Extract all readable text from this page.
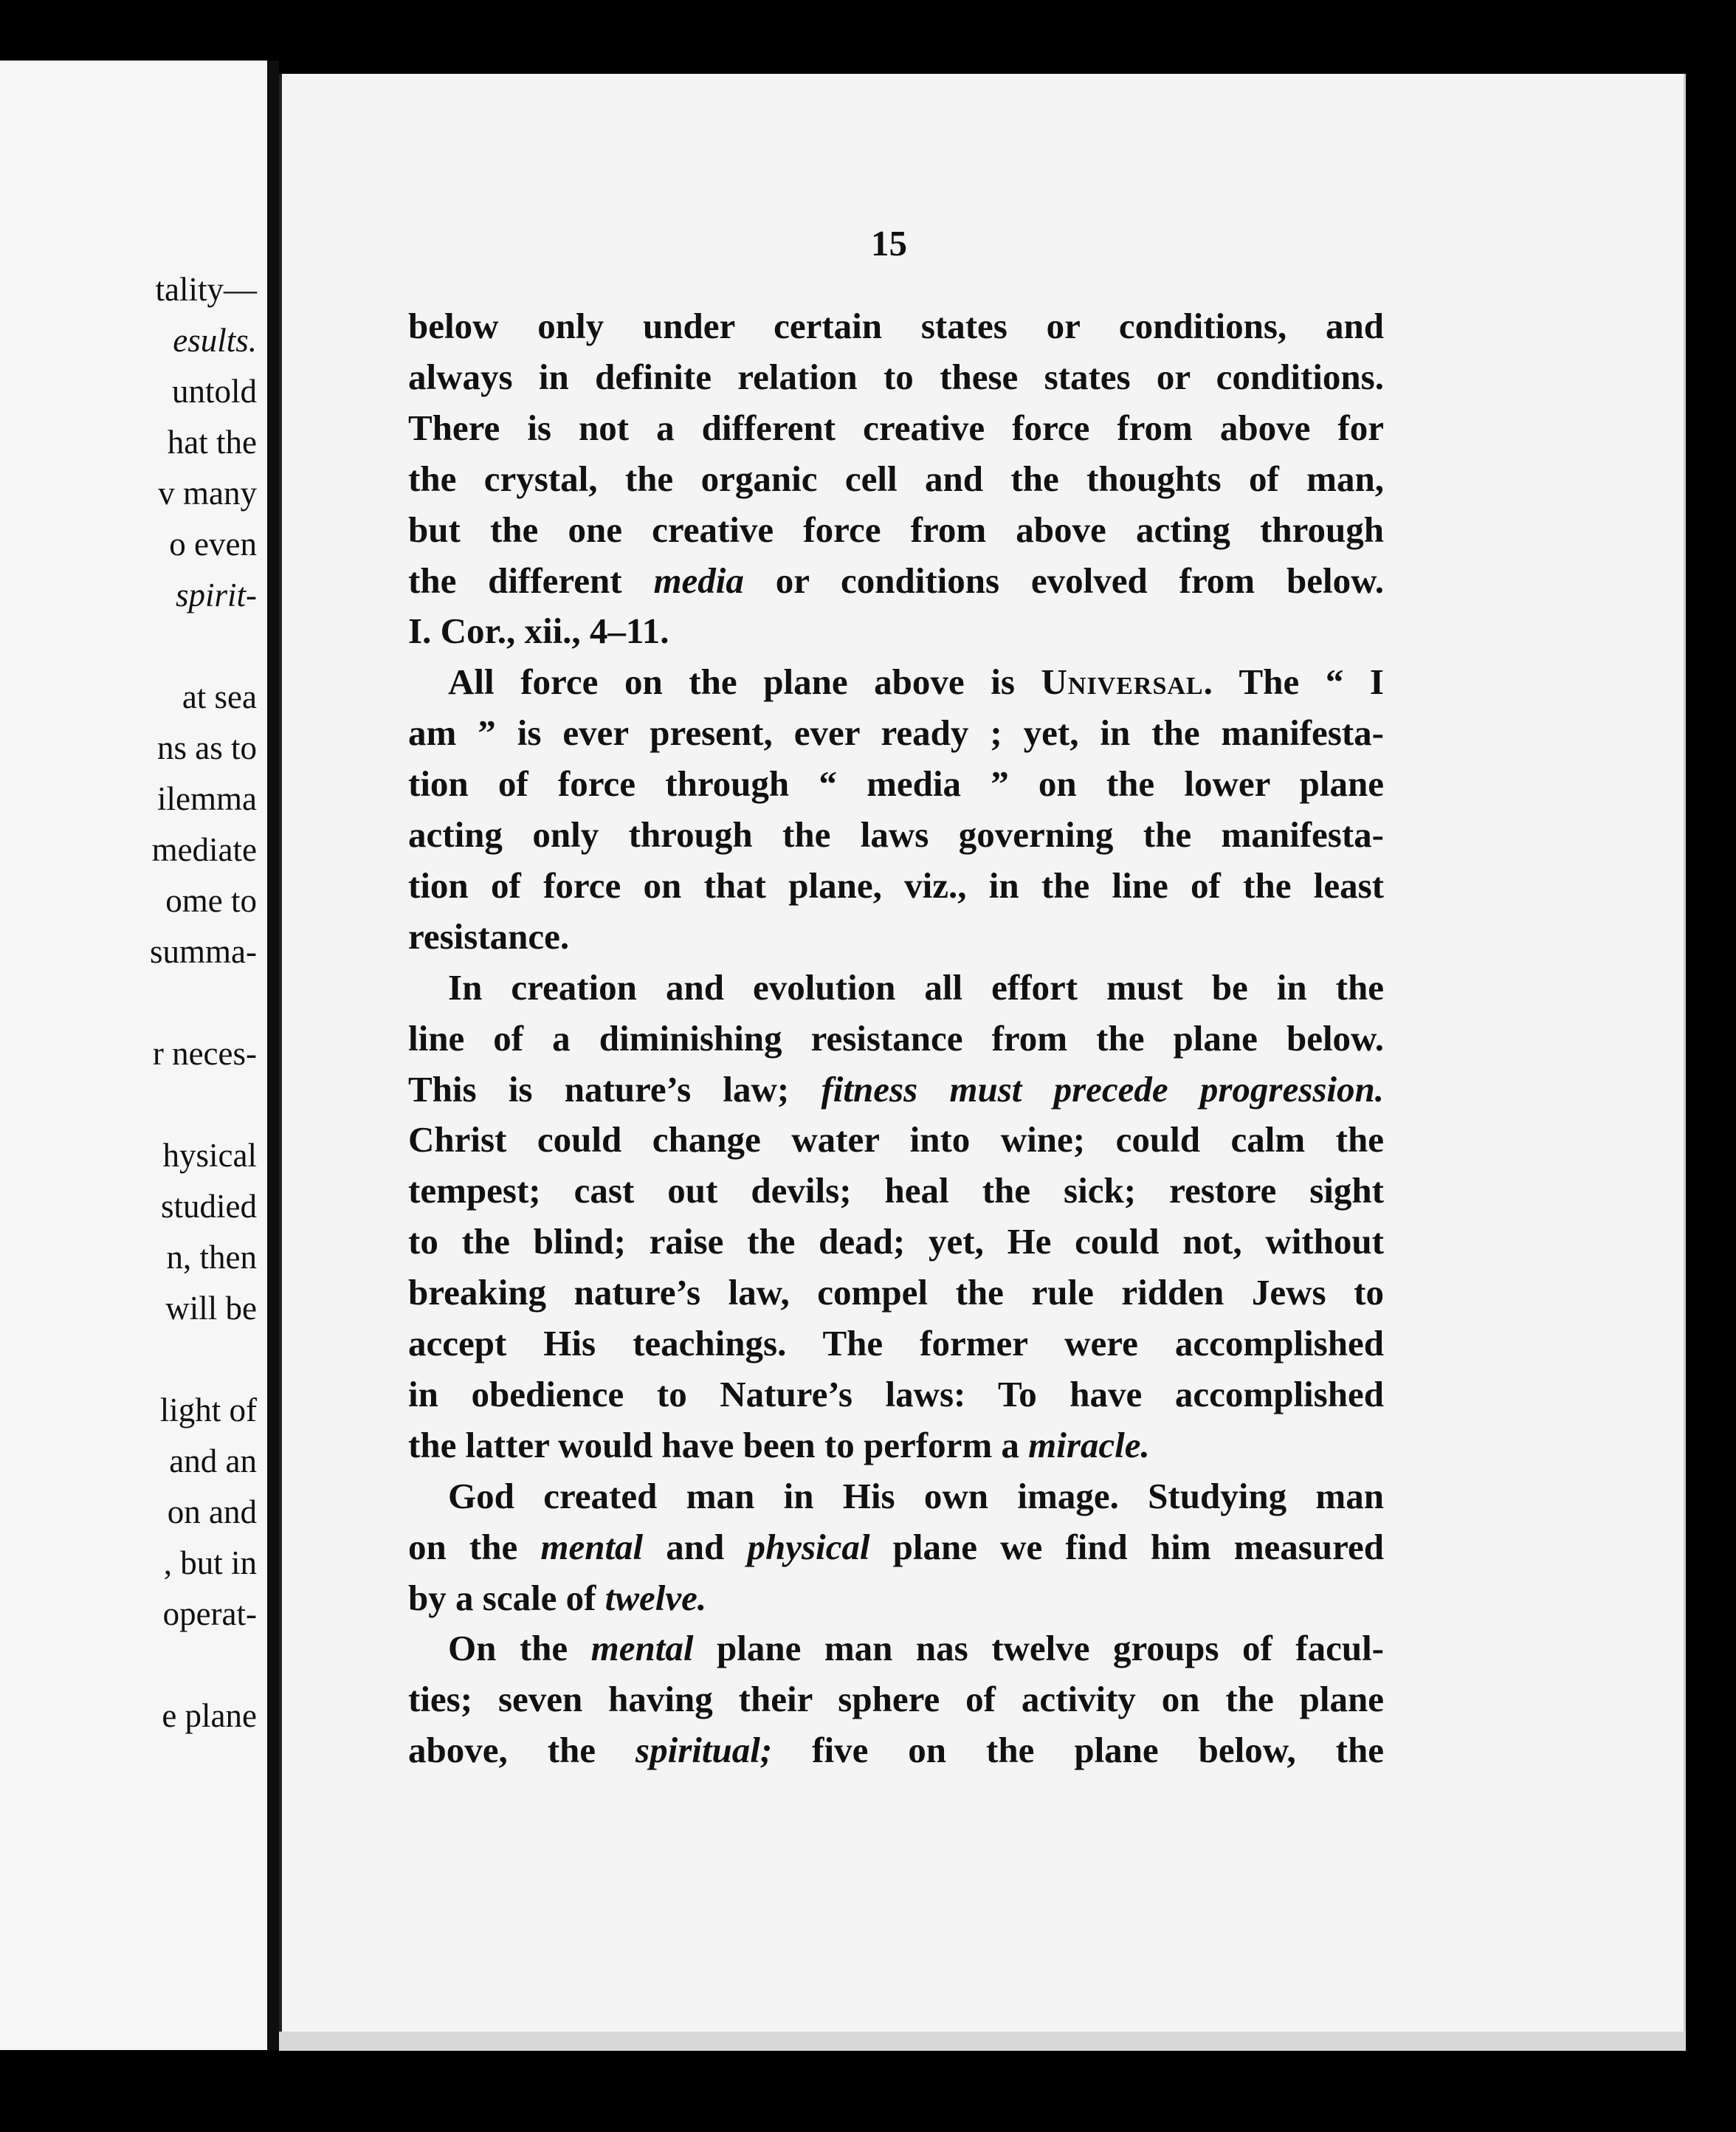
tality—
esults.
untold
hat the
v many
o even
spirit-
at sea
ns as to
ilemma
mediate
ome to
summa-
r neces-
hysical
studied
n, then
will be
light of
and an
on and
, but in
operat-
e plane
15
below only under certain states or conditions, and
always in definite relation to these states or conditions.
There is not a different creative force from above for
the crystal, the organic cell and the thoughts of man,
but the one creative force from above acting through
the different media or conditions evolved from below.
I. Cor., xii., 4–11.
All force on the plane above is Universal. The “ I
am ” is ever present, ever ready ; yet, in the manifesta-
tion of force through “ media ” on the lower plane
acting only through the laws governing the manifesta-
tion of force on that plane, viz., in the line of the least
resistance.
In creation and evolution all effort must be in the
line of a diminishing resistance from the plane below.
This is nature’s law; fitness must precede progression.
Christ could change water into wine; could calm the
tempest; cast out devils; heal the sick; restore sight
to the blind; raise the dead; yet, He could not, without
breaking nature’s law, compel the rule ridden Jews to
accept His teachings. The former were accomplished
in obedience to Nature’s laws: To have accomplished
the latter would have been to perform a miracle.
God created man in His own image. Studying man
on the mental and physical plane we find him measured
by a scale of twelve.
On the mental plane man nas twelve groups of facul-
ties; seven having their sphere of activity on the plane
above, the spiritual; five on the plane below, the
